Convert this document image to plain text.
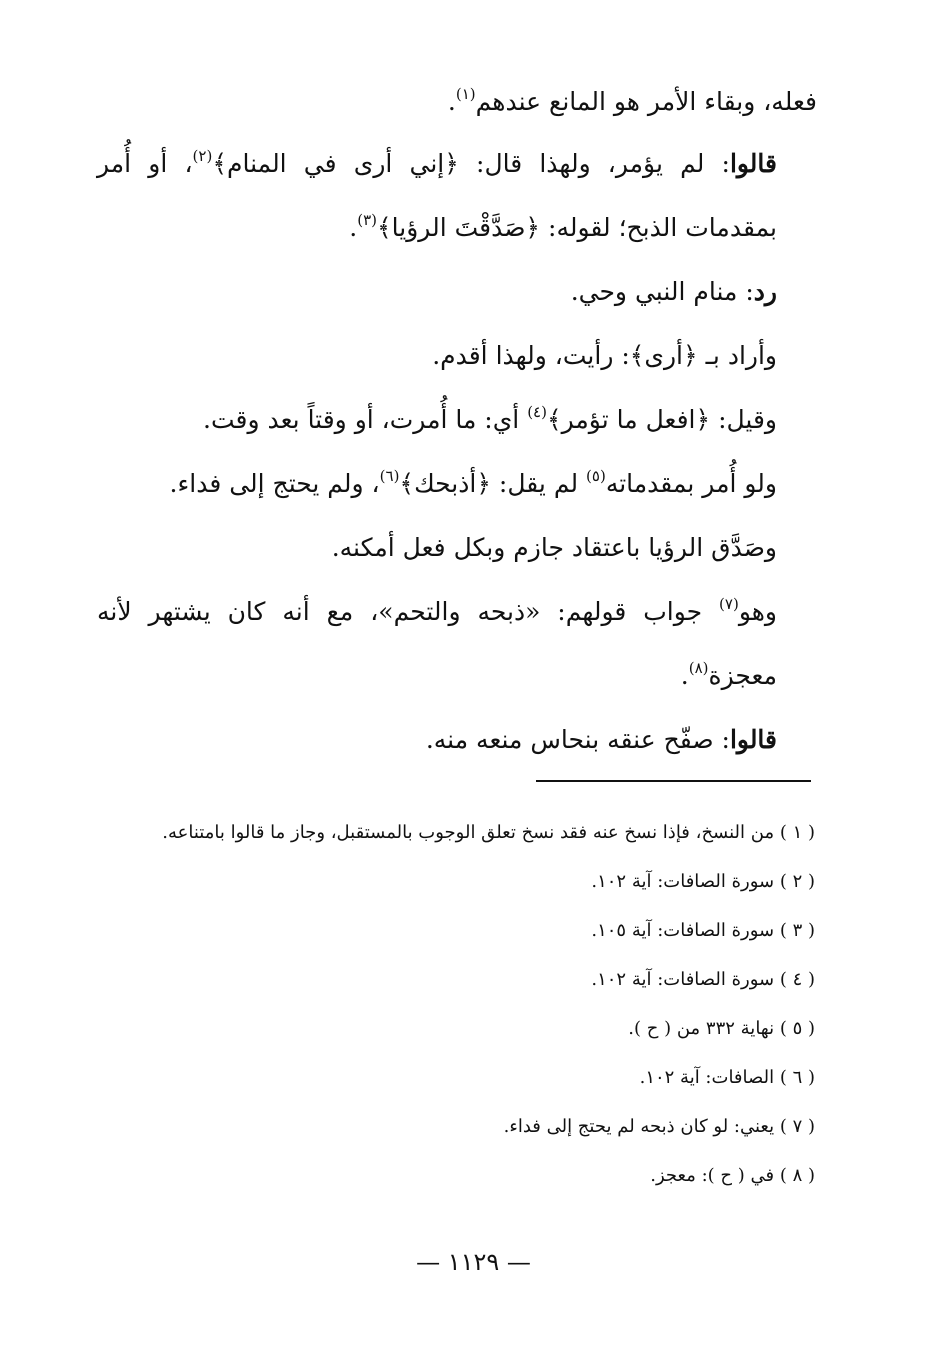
فعله، وبقاء الأمر هو المانع عندهم$^{(١)}$.

قالوا: لم يؤمر، ولهذا قال: ﴿إني أرى في المنام﴾$^{(٢)}$، أو أُمر بمقدمات الذبح؛ لقوله: ﴿صَدَّقْتَ الرؤيا﴾$^{(٣)}$.

رد: منام النبي وحي.

وأراد بـ ﴿أرى﴾: رأيت، ولهذا أقدم.

وقيل: ﴿افعل ما تؤمر﴾$^{(٤)}$ أي: ما أُمرت، أو وقتاً بعد وقت.

ولو أُمر بمقدماته$^{(٥)}$ لم يقل: ﴿أذبحك﴾$^{(٦)}$، ولم يحتج إلى فداء.

وصَدَّق الرؤيا باعتقاد جازم وبكل فعل أمكنه.

وهو$^{(٧)}$ جواب قولهم: «ذبحه والتحم»، مع أنه كان يشتهر لأنه معجزة$^{(٨)}$.

قالوا: صفّح عنقه بنحاس منعه منه.

( ١ ) من النسخ، فإذا نسخ عنه فقد نسخ تعلق الوجوب بالمستقبل، وجاز ما قالوا بامتناعه.
( ٢ ) سورة الصافات: آية ١٠٢.
( ٣ ) سورة الصافات: آية ١٠٥.
( ٤ ) سورة الصافات: آية ١٠٢.
( ٥ ) نهاية ٣٣٢ من ( ح ).
( ٦ ) الصافات: آية ١٠٢.
( ٧ ) يعني: لو كان ذبحه لم يحتج إلى فداء.
( ٨ ) في ( ح ): معجز.
— ١١٢٩ —
